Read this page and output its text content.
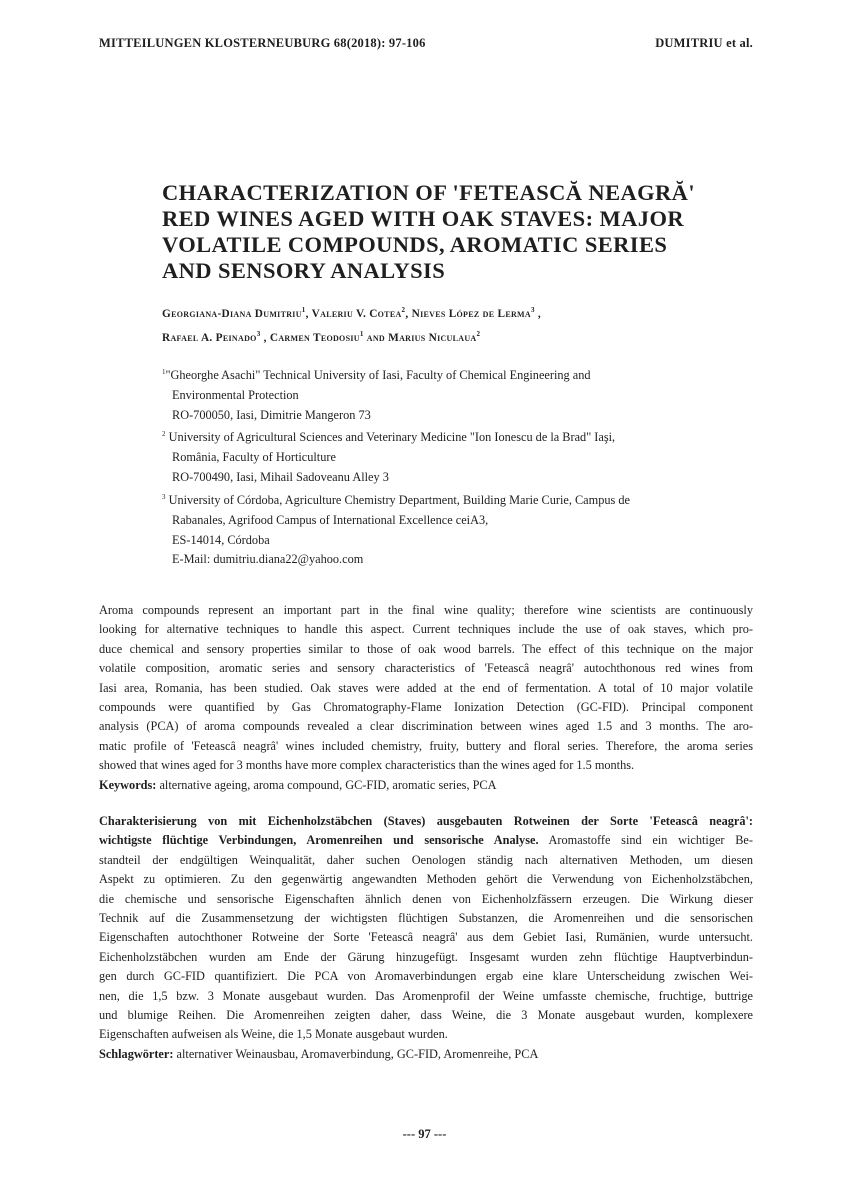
MITTEILUNGEN KLOSTERNEUBURG 68(2018): 97-106	DUMITRIU et al.
CHARACTERIZATION OF 'FETEASCĂ NEAGRĂ'
RED WINES AGED WITH OAK STAVES: MAJOR
VOLATILE COMPOUNDS, AROMATIC SERIES
AND SENSORY ANALYSIS
Georgiana-Diana Dumitriu$^1$, Valeriu V. Cotea$^2$, Nieves López de Lerma$^3$ ,
Rafael A. Peinado$^3$ , Carmen Teodosiu$^1$ and Marius Niculaua$^2$
$^1$"Gheorghe Asachi" Technical University of Iasi, Faculty of Chemical Engineering and
Environmental Protection
RO-700050, Iasi, Dimitrie Mangeron 73
$^2$ University of Agricultural Sciences and Veterinary Medicine "Ion Ionescu de la Brad" Iaşi,
România, Faculty of Horticulture
RO-700490, Iasi, Mihail Sadoveanu Alley 3
$^3$ University of Córdoba, Agriculture Chemistry Department, Building Marie Curie, Campus de
Rabanales, Agrifood Campus of International Excellence ceiA3,
ES-14014, Córdoba
E-Mail: dumitriu.diana22@yahoo.com
Aroma compounds represent an important part in the final wine quality; therefore wine scientists are continuously
looking for alternative techniques to handle this aspect. Current techniques include the use of oak staves, which pro-
duce chemical and sensory properties similar to those of oak wood barrels. The effect of this technique on the major
volatile composition, aromatic series and sensory characteristics of 'Feteascâ neagrâ' autochthonous red wines from
Iasi area, Romania, has been studied. Oak staves were added at the end of fermentation. A total of 10 major volatile
compounds were quantified by Gas Chromatography-Flame Ionization Detection (GC-FID). Principal component
analysis (PCA) of aroma compounds revealed a clear discrimination between wines aged 1.5 and 3 months. The aro-
matic profile of 'Feteascâ neagrâ' wines included chemistry, fruity, buttery and floral series. Therefore, the aroma series
showed that wines aged for 3 months have more complex characteristics than the wines aged for 1.5 months.
Keywords: alternative ageing, aroma compound, GC-FID, aromatic series, PCA
Charakterisierung von mit Eichenholzstäbchen (Staves) ausgebauten Rotweinen der Sorte 'Feteascâ neagrâ':
wichtigste flüchtige Verbindungen, Aromenreihen und sensorische Analyse. Aromastoffe sind ein wichtiger Be-
standteil der endgültigen Weinqualität, daher suchen Oenologen ständig nach alternativen Methoden, um diesen
Aspekt zu optimieren. Zu den gegenwärtig angewandten Methoden gehört die Verwendung von Eichenholzstäbchen,
die chemische und sensorische Eigenschaften ähnlich denen von Eichenholzfässern erzeugen. Die Wirkung dieser
Technik auf die Zusammensetzung der wichtigsten flüchtigen Substanzen, die Aromenreihen und die sensorischen
Eigenschaften autochthoner Rotweine der Sorte 'Feteascâ neagrâ' aus dem Gebiet Iasi, Rumänien, wurde untersucht.
Eichenholzstäbchen wurden am Ende der Gärung hinzugefügt. Insgesamt wurden zehn flüchtige Hauptverbindun-
gen durch GC-FID quantifiziert. Die PCA von Aromaverbindungen ergab eine klare Unterscheidung zwischen Wei-
nen, die 1,5 bzw. 3 Monate ausgebaut wurden. Das Aromenprofil der Weine umfasste chemische, fruchtige, buttrige
und blumige Reihen. Die Aromenreihen zeigten daher, dass Weine, die 3 Monate ausgebaut wurden, komplexere
Eigenschaften aufweisen als Weine, die 1,5 Monate ausgebaut wurden.
Schlagwörter: alternativer Weinausbau, Aromaverbindung, GC-FID, Aromenreihe, PCA
--- 97 ---
